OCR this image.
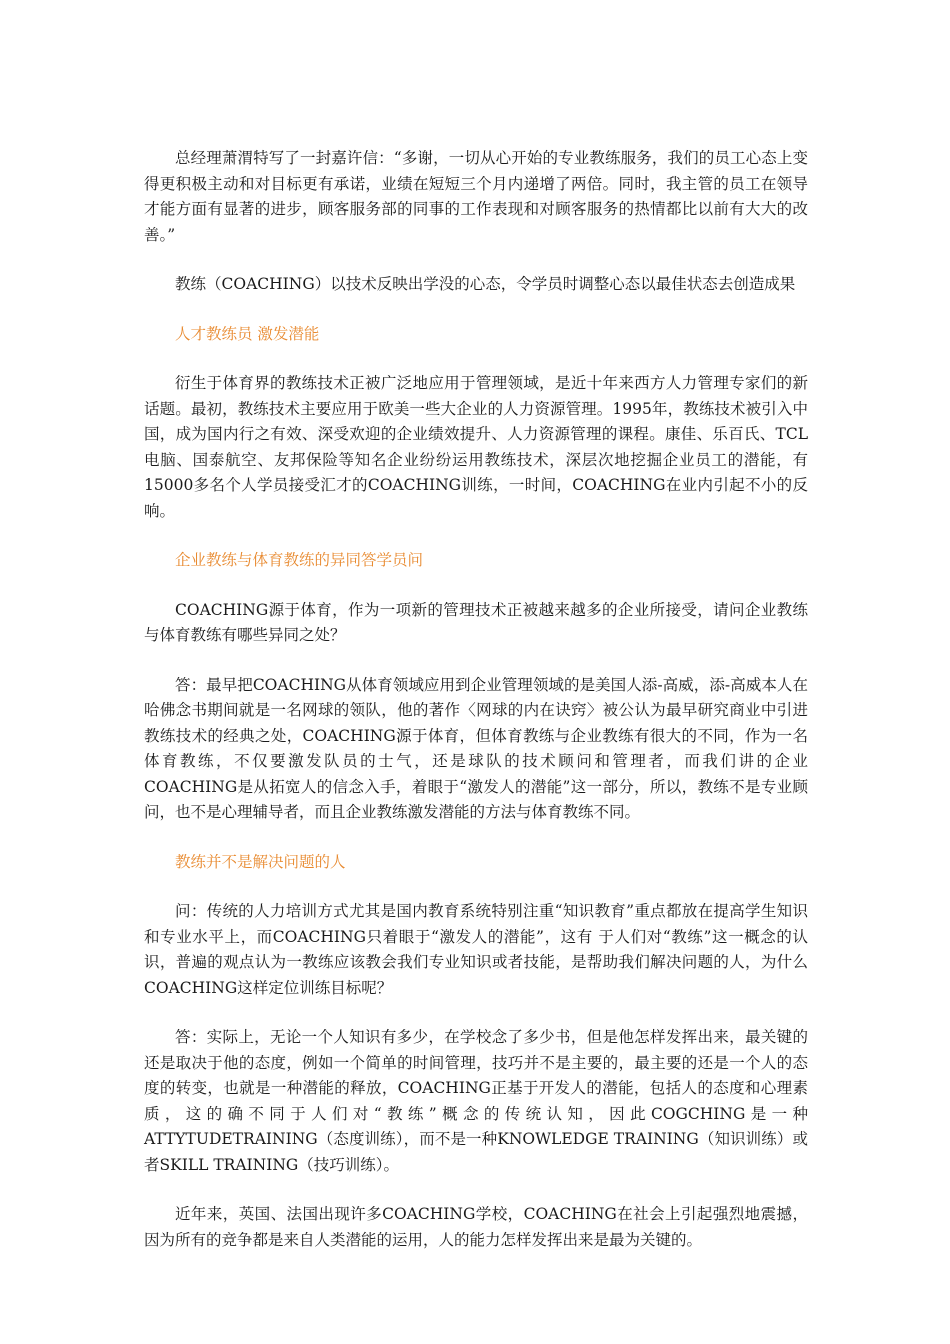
总经理萧渭特写了一封嘉许信：“多谢，一切从心开始的专业教练服务，我们的员工心态上变得更积极主动和对目标更有承诺，业绩在短短三个月内递增了两倍。同时，我主管的员工在领导才能方面有显著的进步，顾客服务部的同事的工作表现和对顾客服务的热情都比以前有大大的改善。”

教练（COACHING）以技术反映出学没的心态，令学员时调整心态以最佳状态去创造成果

人才教练员 激发潜能

衍生于体育界的教练技术正被广泛地应用于管理领域，是近十年来西方人力管理专家们的新话题。最初，教练技术主要应用于欧美一些大企业的人力资源管理。1995年，教练技术被引入中国，成为国内行之有效、深受欢迎的企业绩效提升、人力资源管理的课程。康佳、乐百氏、TCL电脑、国泰航空、友邦保险等知名企业纷纷运用教练技术，深层次地挖掘企业员工的潜能，有15000多名个人学员接受汇才的COACHING训练，一时间，COACHING在业内引起不小的反响。

企业教练与体育教练的异同答学员问

COACHING源于体育，作为一项新的管理技术正被越来越多的企业所接受，请问企业教练与体育教练有哪些异同之处？

答：最早把COACHING从体育领域应用到企业管理领域的是美国人添-高威，添-高威本人在哈佛念书期间就是一名网球的领队，他的著作〈网球的内在诀窍〉被公认为最早研究商业中引进教练技术的经典之处，COACHING源于体育，但体育教练与企业教练有很大的不同，作为一名体育教练，不仅要激发队员的士气，还是球队的技术顾问和管理者，而我们讲的企业COACHING是从拓宽人的信念入手，着眼于“激发人的潜能”这一部分，所以，教练不是专业顾问，也不是心理辅导者，而且企业教练激发潜能的方法与体育教练不同。

教练并不是解决问题的人

问：传统的人力培训方式尤其是国内教育系统特别注重“知识教育”重点都放在提高学生知识和专业水平上，而COACHING只着眼于“激发人的潜能”，这有 于人们对“教练”这一概念的认识，普遍的观点认为一教练应该教会我们专业知识或者技能，是帮助我们解决问题的人，为什么COACHING这样定位训练目标呢？

答：实际上，无论一个人知识有多少，在学校念了多少书，但是他怎样发挥出来，最关键的还是取决于他的态度，例如一个简单的时间管理，技巧并不是主要的，最主要的还是一个人的态度的转变，也就是一种潜能的释放，COACHING正基于开发人的潜能，包括人的态度和心理素质，这的确不同于人们对“教练”概念的传统认知，因此COGCHING是一种ATTYTUDETRAINING（态度训练），而不是一种KNOWLEDGE TRAINING（知识训练）或者SKILL TRAINING（技巧训练）。

近年来，英国、法国出现许多COACHING学校，COACHING在社会上引起强烈地震撼，因为所有的竞争都是来自人类潜能的运用，人的能力怎样发挥出来是最为关键的。
